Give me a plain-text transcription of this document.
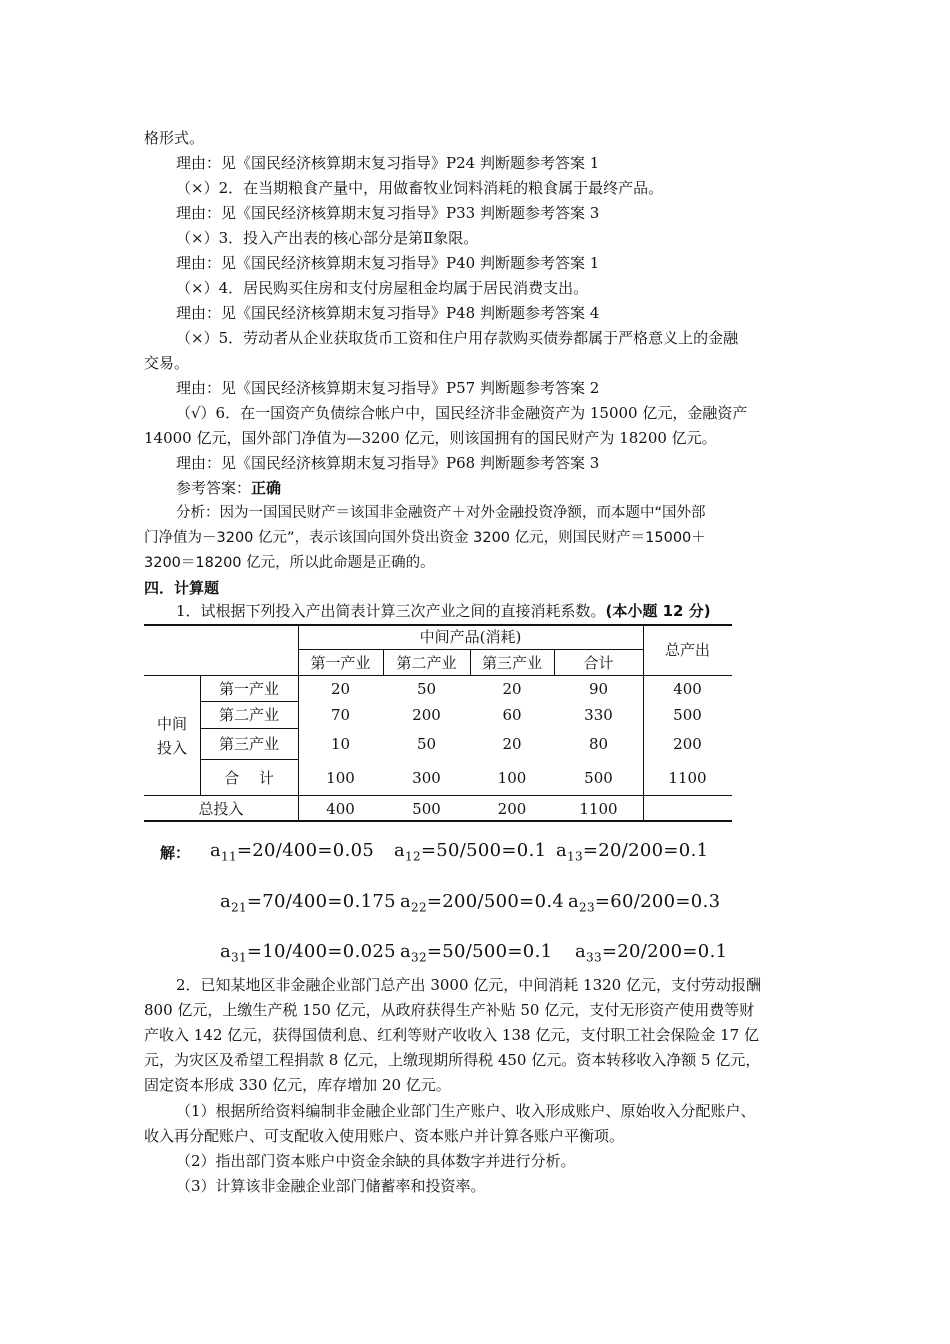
格形式。
理由：见《国民经济核算期末复习指导》P24 判断题参考答案 1
（×）2．在当期粮食产量中，用做畜牧业饲料消耗的粮食属于最终产品。
理由：见《国民经济核算期末复习指导》P33 判断题参考答案 3
（×）3．投入产出表的核心部分是第Ⅱ象限。
理由：见《国民经济核算期末复习指导》P40 判断题参考答案 1
（×）4．居民购买住房和支付房屋租金均属于居民消费支出。
理由：见《国民经济核算期末复习指导》P48 判断题参考答案 4
（×）5．劳动者从企业获取货币工资和住户用存款购买债券都属于严格意义上的金融
交易。
理由：见《国民经济核算期末复习指导》P57 判断题参考答案 2
（√）6．在一国资产负债综合帐户中，国民经济非金融资产为 15000 亿元，金融资产
14000 亿元，国外部门净值为—3200 亿元，则该国拥有的国民财产为 18200 亿元。
理由：见《国民经济核算期末复习指导》P68 判断题参考答案 3
参考答案：正确
分析：因为一国国民财产＝该国非金融资产＋对外金融投资净额，而本题中“国外部
门净值为－3200 亿元”，表示该国向国外贷出资金 3200 亿元，则国民财产＝15000＋
3200＝18200 亿元，所以此命题是正确的。
四．计算题
1．试根据下列投入产出简表计算三次产业之间的直接消耗系数。(本小题 12 分)
中间产品(消耗)
总产出
第一产业	第二产业	第三产业	合计
中间
投入
第一产业	20	50	20	90	400
第二产业	70	200	60	330	500
第三产业	10	50	20	80	200
合　 计	100	300	100	500	1100
总投入	400	500	200	1100
解： $a_{11}=20/400=0.05$ $a_{12}=50/500=0.1$ $a_{13}=20/200=0.1$
$a_{21}=70/400=0.175$ $a_{22}=200/500=0.4$ $a_{23}=60/200=0.3$
$a_{31}=10/400=0.025$ $a_{32}=50/500=0.1$ $a_{33}=20/200=0.1$
2．已知某地区非金融企业部门总产出 3000 亿元，中间消耗 1320 亿元，支付劳动报酬
800 亿元，上缴生产税 150 亿元，从政府获得生产补贴 50 亿元，支付无形资产使用费等财
产收入 142 亿元，获得国债利息、红利等财产收收入 138 亿元，支付职工社会保险金 17 亿
元，为灾区及希望工程捐款 8 亿元，上缴现期所得税 450 亿元。资本转移收入净额 5 亿元，
固定资本形成 330 亿元，库存增加 20 亿元。
（1）根据所给资料编制非金融企业部门生产账户、收入形成账户、原始收入分配账户、
收入再分配账户、可支配收入使用账户、资本账户并计算各账户平衡项。
（2）指出部门资本账户中资金余缺的具体数字并进行分析。
（3）计算该非金融企业部门储蓄率和投资率。
